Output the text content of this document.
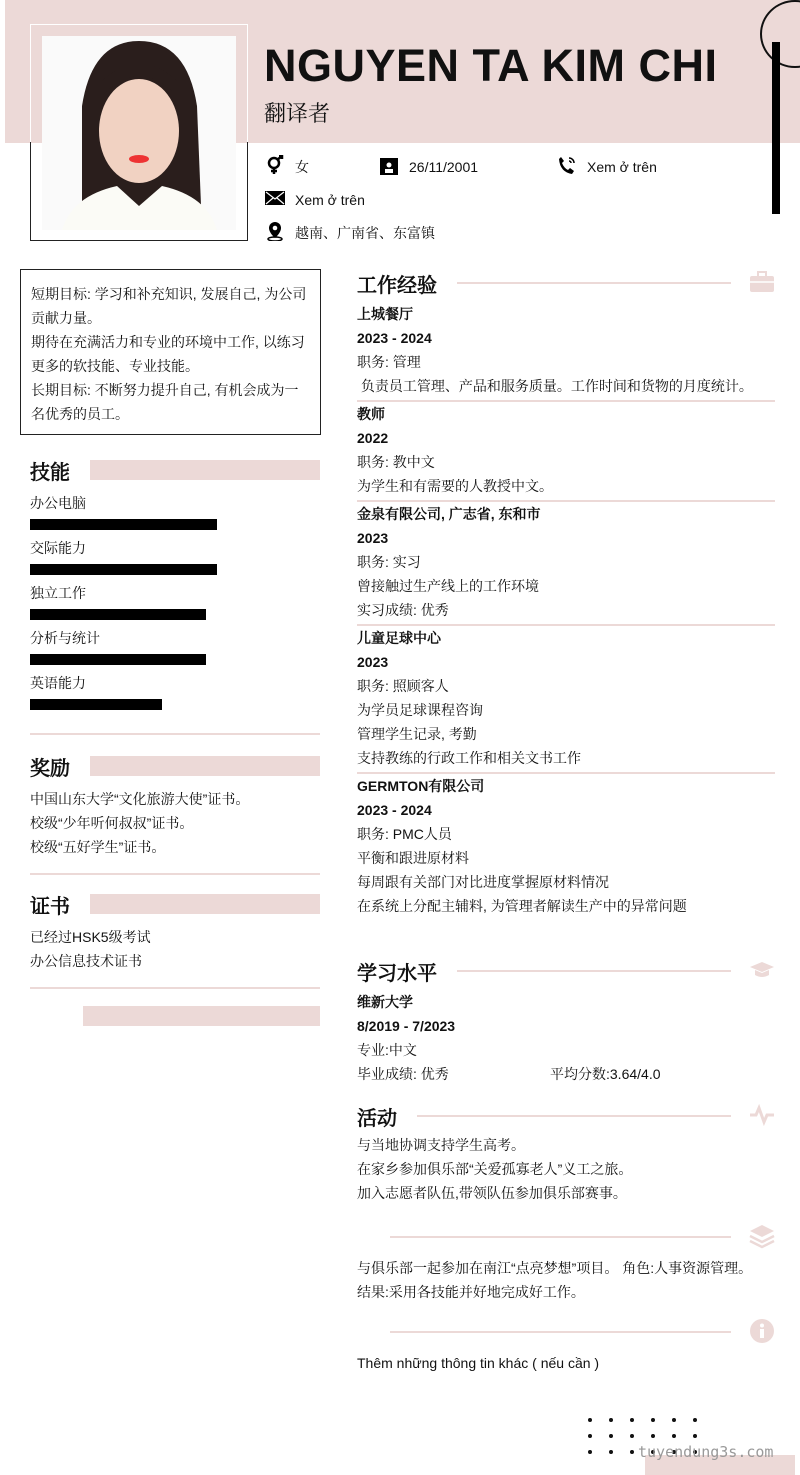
NGUYEN TA KIM CHI
翻译者
女	26/11/2001	Xem ở trên
Xem ở trên
越南、广南省、东富镇
短期目标: 学习和补充知识, 发展自己, 为公司贡献力量。
期待在充满活力和专业的环境中工作, 以练习更多的软技能、专业技能。
长期目标: 不断努力提升自己, 有机会成为一名优秀的员工。
技能
办公电脑
交际能力
独立工作
分析与统计
英语能力
奖励
中国山东大学“文化旅游大使”证书。
校级“少年听何叔叔”证书。
校级“五好学生”证书。
证书
已经过HSK5级考试
办公信息技术证书
工作经验
上城餐厅
2023 - 2024
职务: 管理
负责员工管理、产品和服务质量。工作时间和货物的月度统计。
教师
2022
职务: 教中文
为学生和有需要的人教授中文。
金泉有限公司, 广志省, 东和市
2023
职务: 实习
曾接触过生产线上的工作环境
实习成绩: 优秀
儿童足球中心
2023
职务: 照顾客人
为学员足球课程咨询
管理学生记录, 考勤
支持教练的行政工作和相关文书工作
GERMTON有限公司
2023 - 2024
职务: PMC人员
平衡和跟进原材料
每周跟有关部门对比进度掌握原材料情况
在系统上分配主辅料, 为管理者解读生产中的异常问题
学习水平
维新大学
8/2019 - 7/2023
专业:中文
毕业成绩: 优秀	平均分数:3.64/4.0
活动
与当地协调支持学生高考。
在家乡参加俱乐部“关爱孤寡老人”义工之旅。
加入志愿者队伍,带领队伍参加俱乐部赛事。
与俱乐部一起参加在南江“点亮梦想”项目。 角色:人事资源管理。
结果:采用各技能并好地完成好工作。
Thêm những thông tin khác ( nếu cần )
tuyendung3s.com
